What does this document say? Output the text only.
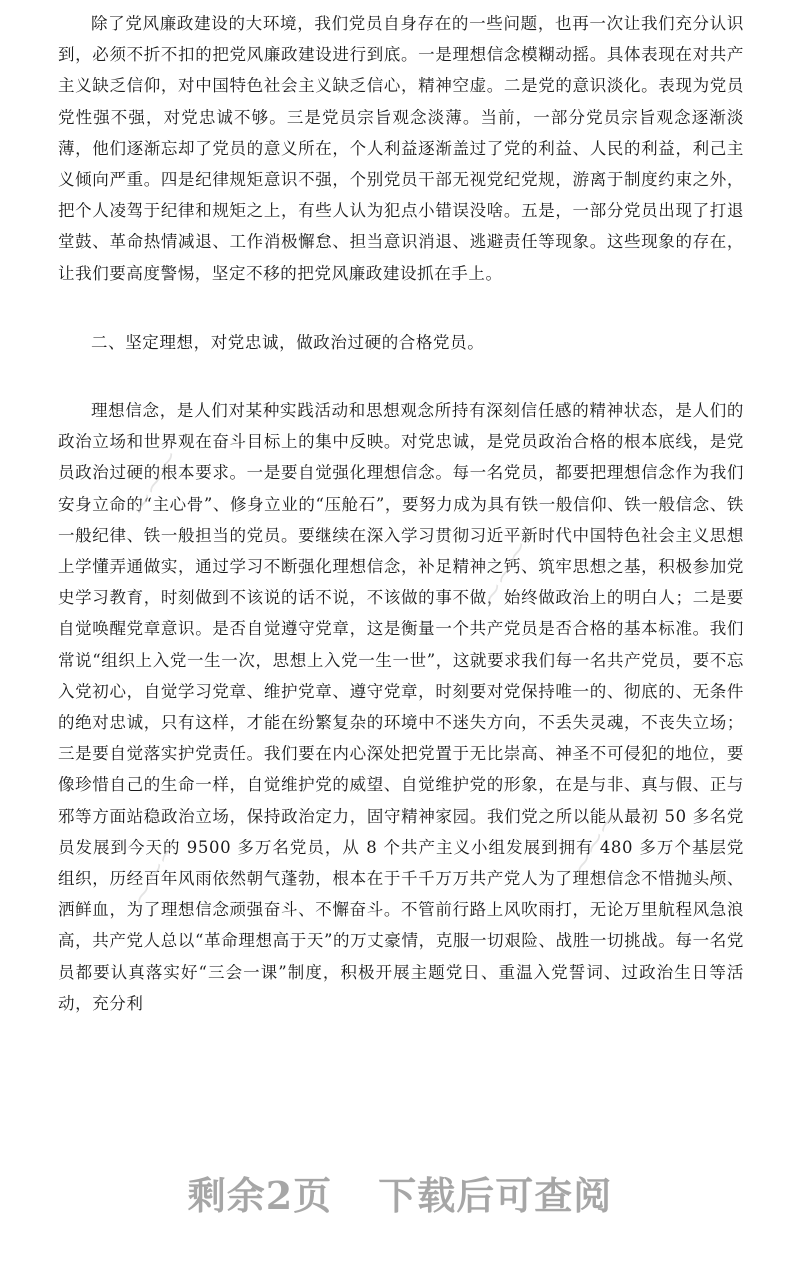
除了党风廉政建设的大环境，我们党员自身存在的一些问题，也再一次让我们充分认识到，必须不折不扣的把党风廉政建设进行到底。一是理想信念模糊动摇。具体表现在对共产主义缺乏信仰，对中国特色社会主义缺乏信心，精神空虚。二是党的意识淡化。表现为党员党性强不强，对党忠诚不够。三是党员宗旨观念淡薄。当前，一部分党员宗旨观念逐渐淡薄，他们逐渐忘却了党员的意义所在，个人利益逐渐盖过了党的利益、人民的利益，利己主义倾向严重。四是纪律规矩意识不强，个别党员干部无视党纪党规，游离于制度约束之外，把个人凌驾于纪律和规矩之上，有些人认为犯点小错误没啥。五是，一部分党员出现了打退堂鼓、革命热情减退、工作消极懈怠、担当意识消退、逃避责任等现象。这些现象的存在，让我们要高度警惕，坚定不移的把党风廉政建设抓在手上。

二、坚定理想，对党忠诚，做政治过硬的合格党员。

理想信念，是人们对某种实践活动和思想观念所持有深刻信任感的精神状态，是人们的政治立场和世界观在奋斗目标上的集中反映。对党忠诚，是党员政治合格的根本底线，是党员政治过硬的根本要求。一是要自觉强化理想信念。每一名党员，都要把理想信念作为我们安身立命的“主心骨”、修身立业的“压舱石”，要努力成为具有铁一般信仰、铁一般信念、铁一般纪律、铁一般担当的党员。要继续在深入学习贯彻习近平新时代中国特色社会主义思想上学懂弄通做实，通过学习不断强化理想信念，补足精神之钙、筑牢思想之基，积极参加党史学习教育，时刻做到不该说的话不说，不该做的事不做，始终做政治上的明白人；二是要自觉唤醒党章意识。是否自觉遵守党章，这是衡量一个共产党员是否合格的基本标准。我们常说“组织上入党一生一次，思想上入党一生一世”，这就要求我们每一名共产党员，要不忘入党初心，自觉学习党章、维护党章、遵守党章，时刻要对党保持唯一的、彻底的、无条件的绝对忠诚，只有这样，才能在纷繁复杂的环境中不迷失方向，不丢失灵魂，不丧失立场；三是要自觉落实护党责任。我们要在内心深处把党置于无比崇高、神圣不可侵犯的地位，要像珍惜自己的生命一样，自觉维护党的威望、自觉维护党的形象，在是与非、真与假、正与邪等方面站稳政治立场，保持政治定力，固守精神家园。我们党之所以能从最初 50 多名党员发展到今天的 9500 多万名党员，从 8 个共产主义小组发展到拥有 480 多万个基层党组织，历经百年风雨依然朝气蓬勃，根本在于千千万万共产党人为了理想信念不惜抛头颅、洒鲜血，为了理想信念顽强奋斗、不懈奋斗。不管前行路上风吹雨打，无论万里航程风急浪高，共产党人总以“革命理想高于天”的万丈豪情，克服一切艰险、战胜一切挑战。每一名党员都要认真落实好“三会一课”制度，积极开展主题党日、重温入党誓词、过政治生日等活动，充分利

⁓⁓⁓
⁓⁓⁓
⁓⁓⁓	⁓⁓⁓
剩余2页 下载后可查阅
